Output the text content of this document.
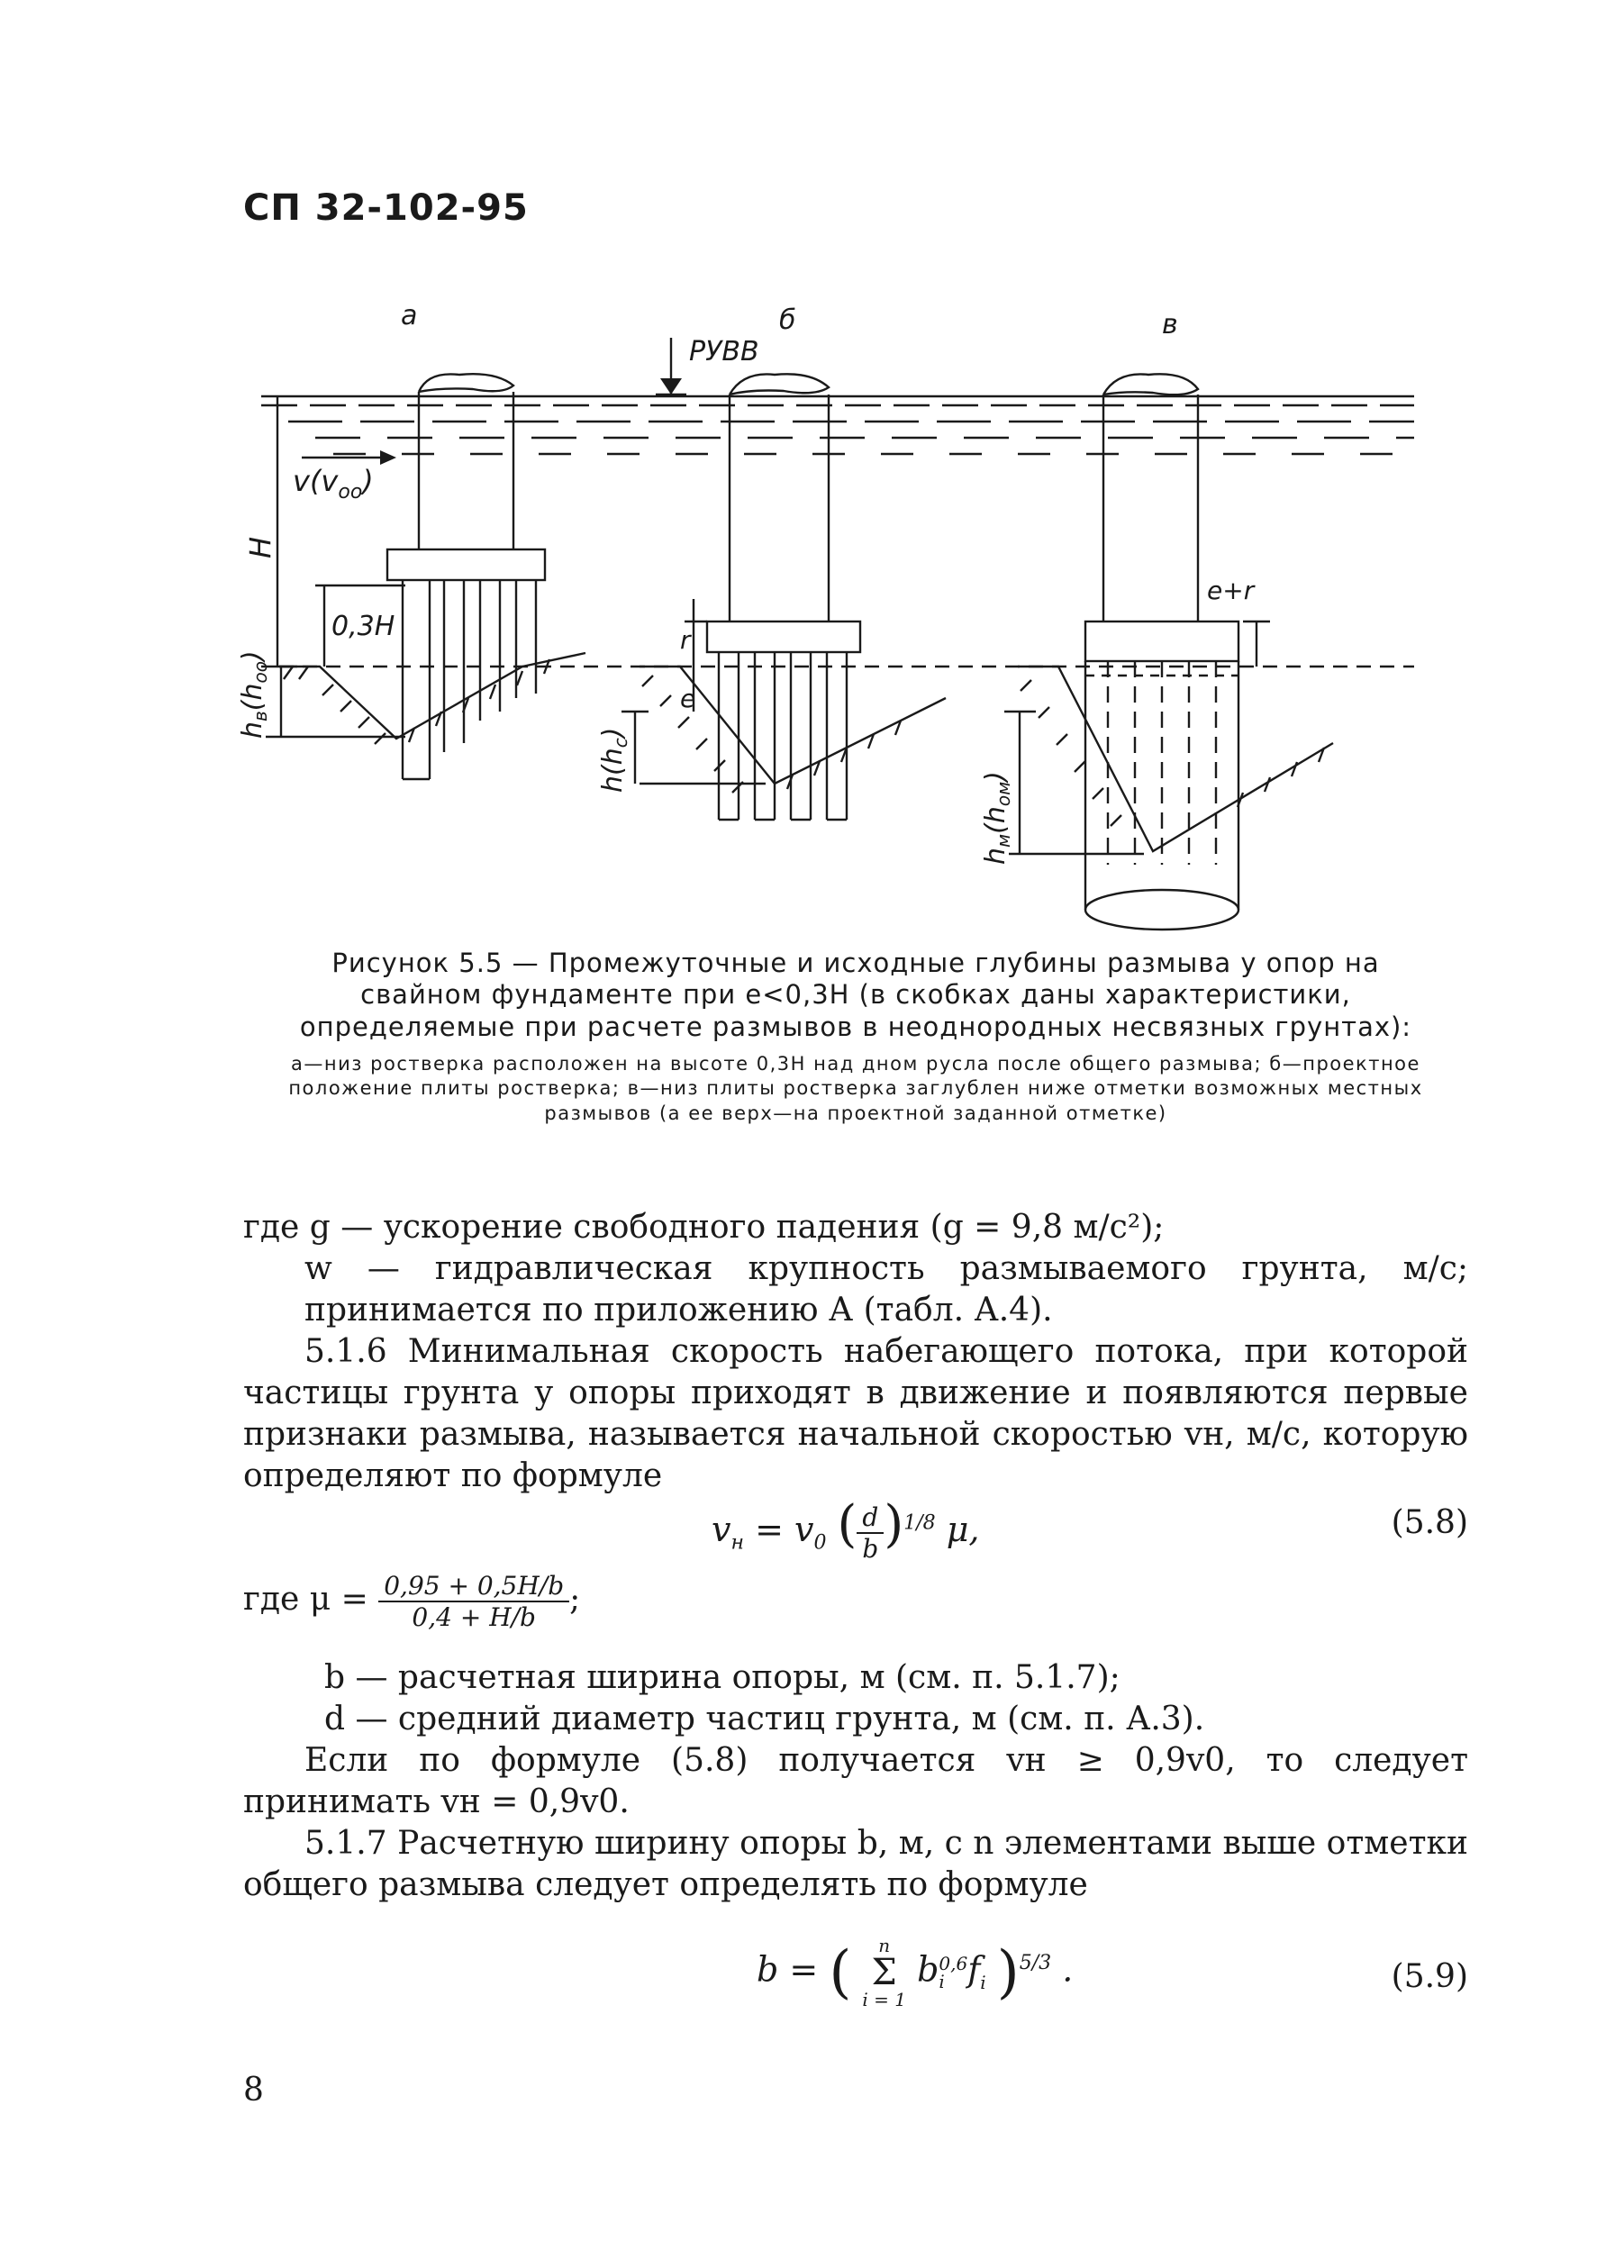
СП 32-102-95
а	б	в
РУВВ
$v(v_{оо})$
H
0,3H
$h_в(h_{оо})$
r
e
$h(h_c)$
e+r
$h_м(h_{ом})$
Рисунок 5.5 — Промежуточные и исходные глубины размыва у опор на свайном фундаменте при e<0,3H (в скобках даны характеристики, определяемые при расчете размывов в неоднородных несвязных грунтах):
а—низ ростверка расположен на высоте 0,3H над дном русла после общего размыва; б—проектное положение плиты ростверка; в—низ плиты ростверка заглублен ниже отметки возможных местных размывов (а ее верх—на проектной заданной отметке)
где g — ускорение свободного падения (g = 9,8 м/с²);
w — гидравлическая крупность размываемого грунта, м/с; принимается по приложению А (табл. А.4).
5.1.6 Минимальная скорость набегающего потока, при которой частицы грунта у опоры приходят в движение и появляются первые признаки размыва, называется начальной скоростью vн, м/с, которую определяют по формуле
$v_н = v_0$ ( $\frac{d}{b} )^{1/8}$ μ,	(5.8)
где $\mu = \frac{0,95 + 0,5H/b}{0,4 + H/b}$ ;
b — расчетная ширина опоры, м (см. п. 5.1.7);
d — средний диаметр частиц грунта, м (см. п. А.3).
Если по формуле (5.8) получается vн ≥ 0,9v0, то следует принимать vн = 0,9v0.
5.1.7 Расчетную ширину опоры b, м, с n элементами выше отметки общего размыва следует определять по формуле
b = (	n
Σ
i = 1
b 0,6
i $f_i$ )$^{5/3}$ .	(5.9)
8
